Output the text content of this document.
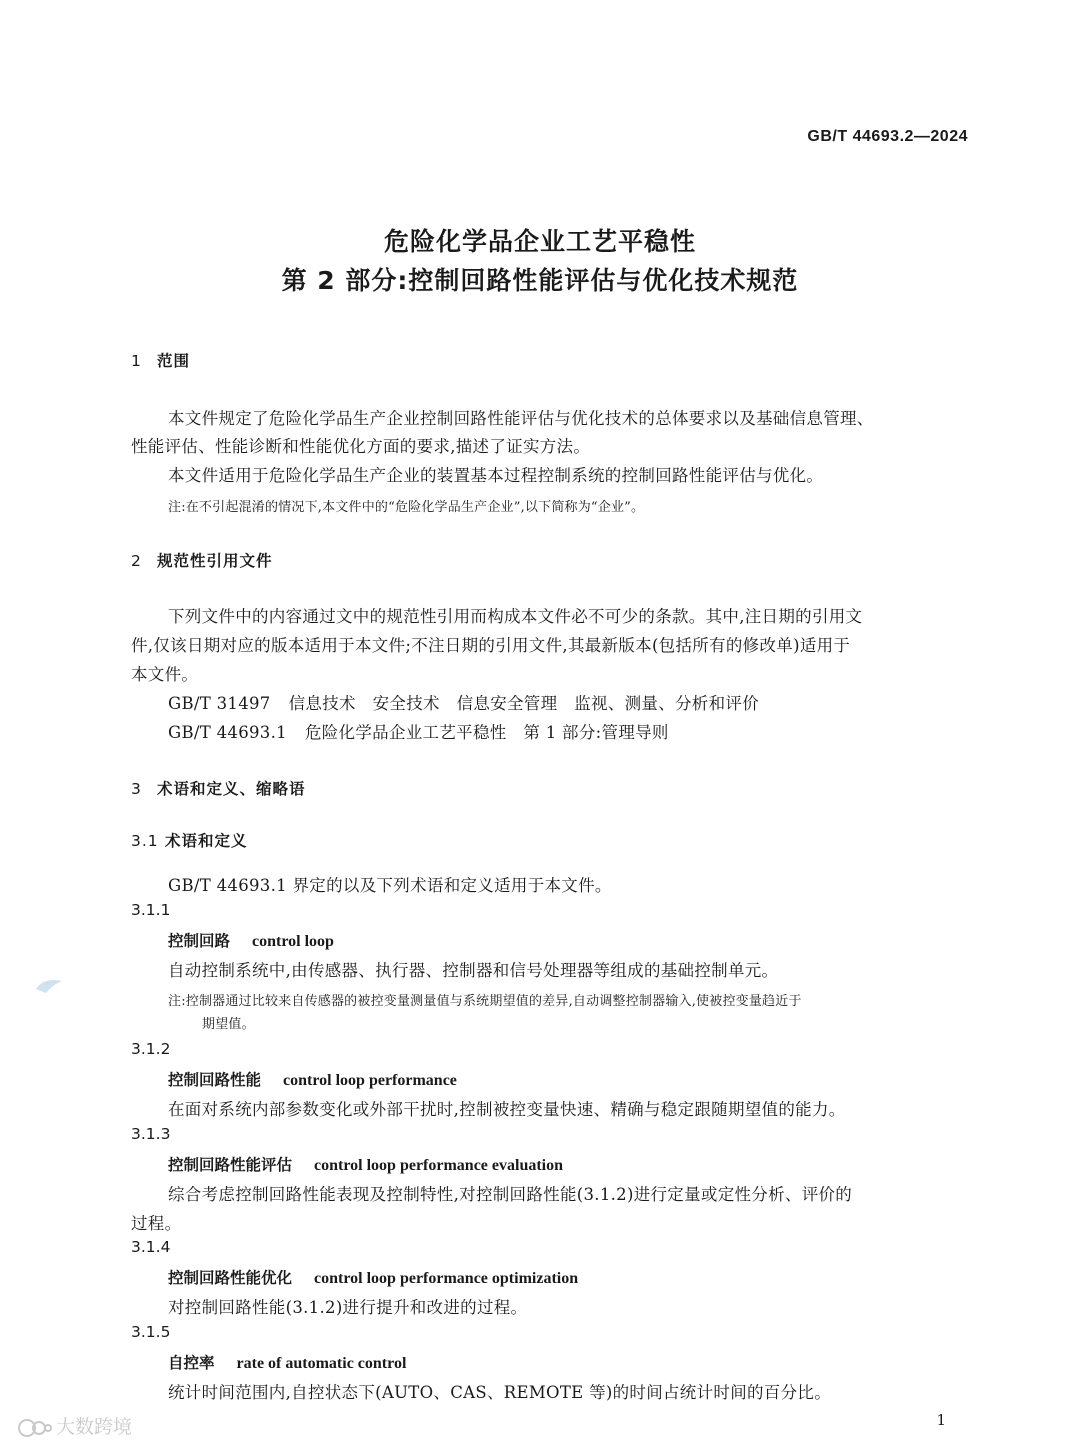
GB/T 44693.2—2024
危险化学品企业工艺平稳性
第 2 部分:控制回路性能评估与优化技术规范
1 范围
本文件规定了危险化学品生产企业控制回路性能评估与优化技术的总体要求以及基础信息管理、
性能评估、性能诊断和性能优化方面的要求,描述了证实方法。
本文件适用于危险化学品生产企业的装置基本过程控制系统的控制回路性能评估与优化。
注:在不引起混淆的情况下,本文件中的“危险化学品生产企业”,以下简称为“企业”。
2 规范性引用文件
下列文件中的内容通过文中的规范性引用而构成本文件必不可少的条款。其中,注日期的引用文
件,仅该日期对应的版本适用于本文件;不注日期的引用文件,其最新版本(包括所有的修改单)适用于
本文件。
GB/T 31497 信息技术　安全技术　信息安全管理　监视、测量、分析和评价
GB/T 44693.1 危险化学品企业工艺平稳性　第 1 部分:管理导则
3 术语和定义、缩略语
3.1 术语和定义
GB/T 44693.1 界定的以及下列术语和定义适用于本文件。
3.1.1
控制回路 control loop
自动控制系统中,由传感器、执行器、控制器和信号处理器等组成的基础控制单元。
注:控制器通过比较来自传感器的被控变量测量值与系统期望值的差异,自动调整控制器输入,使被控变量趋近于
期望值。
3.1.2
控制回路性能 control loop performance
在面对系统内部参数变化或外部干扰时,控制被控变量快速、精确与稳定跟随期望值的能力。
3.1.3
控制回路性能评估 control loop performance evaluation
综合考虑控制回路性能表现及控制特性,对控制回路性能(3.1.2)进行定量或定性分析、评价的
过程。
3.1.4
控制回路性能优化 control loop performance optimization
对控制回路性能(3.1.2)进行提升和改进的过程。
3.1.5
自控率 rate of automatic control
统计时间范围内,自控状态下(AUTO、CAS、REMOTE 等)的时间占统计时间的百分比。
1
大数跨境
